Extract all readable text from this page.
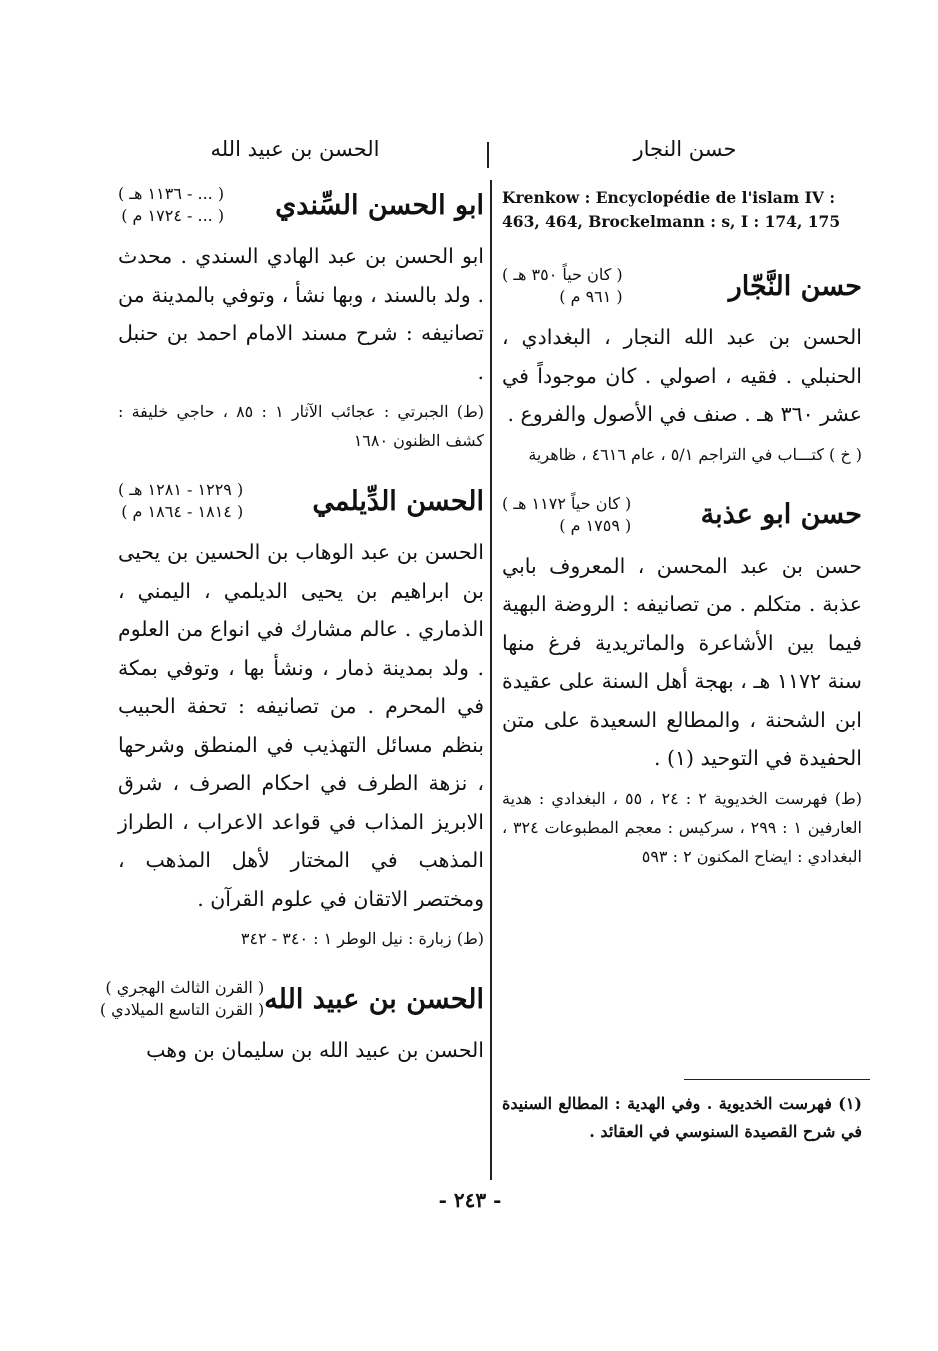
حسن النجار
الحسن بن عبيد الله

Krenkow : Encyclopédie de l'islam IV : 463, 464, Brockelmann : s, I : 174, 175

حسن النَّجّار
( كان حياً ٣٥٠ هـ )
( ٩٦١ م )

الحسن بن عبد الله النجار ، البغدادي ، الحنبلي . فقيه ، اصولي . كان موجوداً في عشر ٣٦٠ هـ . صنف في الأصول والفروع .

( خ ) كتـــاب في التراجم ٥/١ ، عام ٤٦١٦ ، ظاهرية

حسن ابو عذبة
( كان حياً ١١٧٢ هـ )
( ١٧٥٩ م )

حسن بن عبد المحسن ، المعروف بابي عذبة . متكلم . من تصانيفه : الروضة البهية فيما بين الأشاعرة والماتريدية فرغ منها سنة ١١٧٢ هـ ، بهجة أهل السنة على عقيدة ابن الشحنة ، والمطالع السعيدة على متن الحفيدة في التوحيد (١) .

(ط) فهرست الخديوية ٢ : ٢٤ ، ٥٥ ، البغدادي : هدية العارفين ١ : ٢٩٩ ، سركيس : معجم المطبوعات ٣٢٤ ، البغدادي : ايضاح المكنون ٢ : ٥٩٣

(١) فهرست الخديوية . وفي الهدية : المطالع السنيدة في شرح القصيدة السنوسي في العقائد .
ابو الحسن السِّندي
( ... - ١١٣٦ هـ )
( ... - ١٧٢٤ م )

ابو الحسن بن عبد الهادي السندي . محدث . ولد بالسند ، وبها نشأ ، وتوفي بالمدينة من تصانيفه : شرح مسند الامام احمد بن حنبل .

(ط) الجبرتي : عجائب الآثار ١ : ٨٥ ، حاجي خليفة : كشف الظنون ١٦٨٠

الحسن الدِّيلمي
( ١٢٢٩ - ١٢٨١ هـ )
( ١٨١٤ - ١٨٦٤ م )

الحسن بن عبد الوهاب بن الحسين بن يحيى بن ابراهيم بن يحيى الديلمي ، اليمني ، الذماري . عالم مشارك في انواع من العلوم . ولد بمدينة ذمار ، ونشأ بها ، وتوفي بمكة في المحرم . من تصانيفه : تحفة الحبيب بنظم مسائل التهذيب في المنطق وشرحها ، نزهة الطرف في احكام الصرف ، شرق الابريز المذاب في قواعد الاعراب ، الطراز المذهب في المختار لأهل المذهب ، ومختصر الاتقان في علوم القرآن .

(ط) زبارة : نيل الوطر ١ : ٣٤٠ - ٣٤٢

الحسن بن عبيد الله
( القرن الثالث الهجري )
( القرن التاسع الميلادي )

الحسن بن عبيد الله بن سليمان بن وهب

- ٢٤٣ -
